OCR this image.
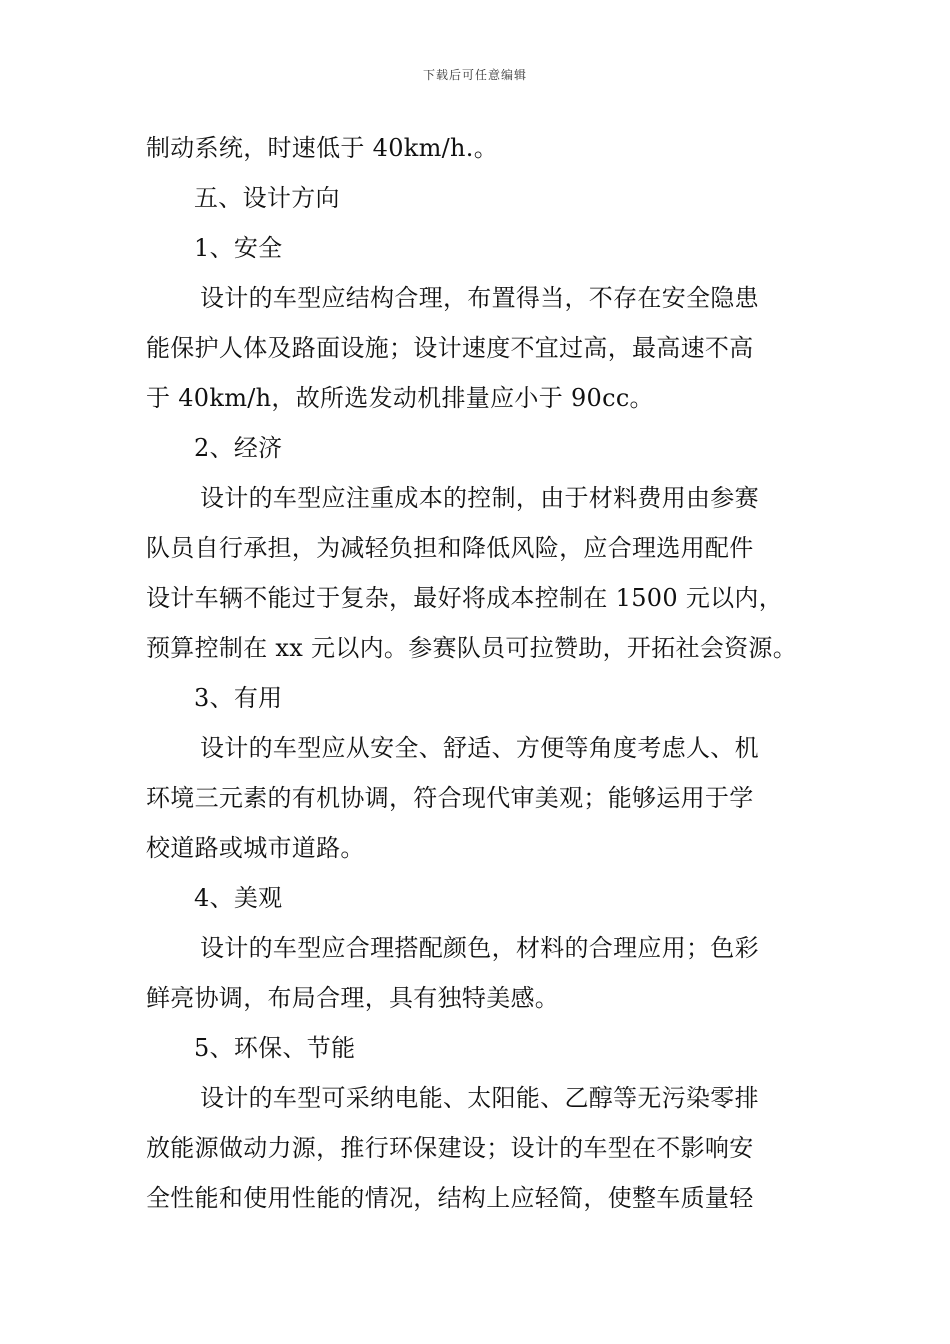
下载后可任意编辑
制动系统，时速低于 40km/h.。
五、设计方向
1、安全
设计的车型应结构合理，布置得当，不存在安全隐患
能保护人体及路面设施；设计速度不宜过高，最高速不高
于 40km/h，故所选发动机排量应小于 90cc。
2、经济
设计的车型应注重成本的控制，由于材料费用由参赛
队员自行承担，为减轻负担和降低风险，应合理选用配件
设计车辆不能过于复杂，最好将成本控制在 1500 元以内，
预算控制在 xx 元以内。参赛队员可拉赞助，开拓社会资源。
3、有用
设计的车型应从安全、舒适、方便等角度考虑人、机
环境三元素的有机协调，符合现代审美观；能够运用于学
校道路或城市道路。
4、美观
设计的车型应合理搭配颜色，材料的合理应用；色彩
鲜亮协调，布局合理，具有独特美感。
5、环保、节能
设计的车型可采纳电能、太阳能、乙醇等无污染零排
放能源做动力源，推行环保建设；设计的车型在不影响安
全性能和使用性能的情况，结构上应轻简，使整车质量轻
